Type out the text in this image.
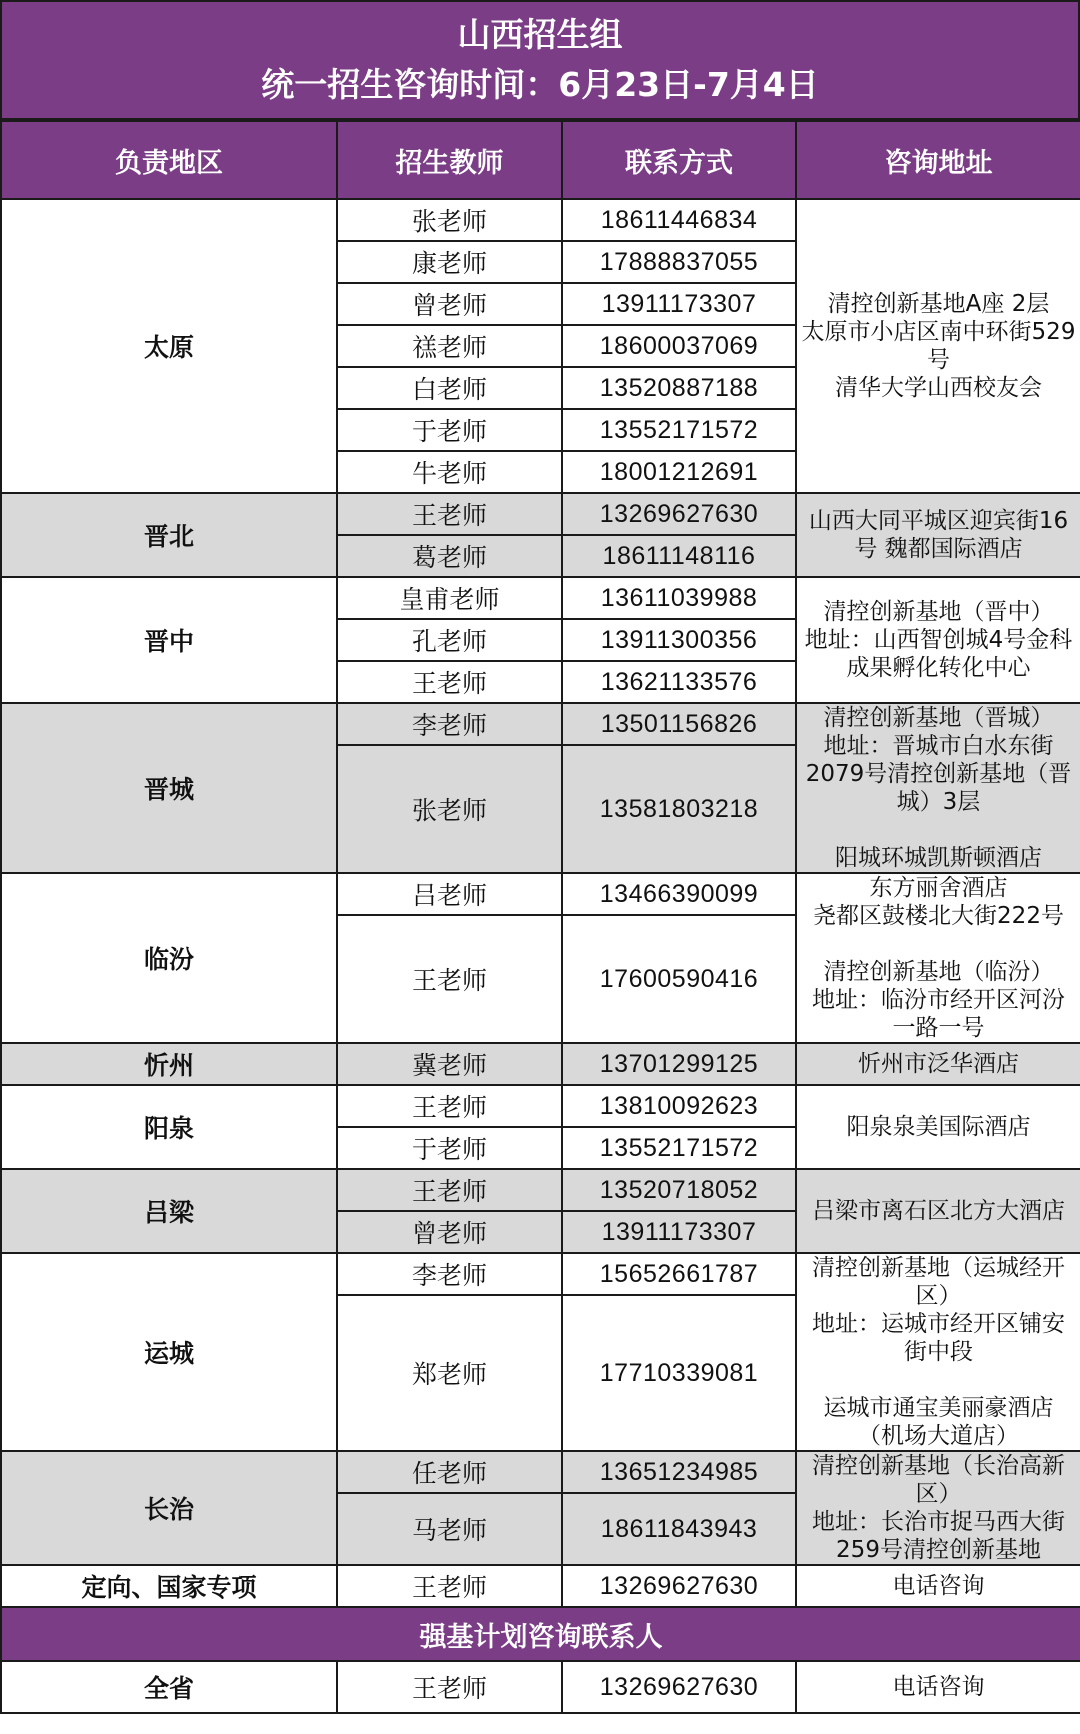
山西招生组
统一招生咨询时间：6月23日-7月4日
负责地区	招生教师	联系方式	咨询地址
太原	张老师	18611446834	清控创新基地A座 2层
太原市小店区南中环街529号
清华大学山西校友会
	康老师	17888837055	
	曾老师	13911173307	
	禚老师	18600037069	
	白老师	13520887188	
	于老师	13552171572	
	牛老师	18001212691	
晋北	王老师	13269627630	山西大同平城区迎宾街16号 魏都国际酒店
	葛老师	18611148116	
晋中	皇甫老师	13611039988	清控创新基地（晋中）
地址：山西智创城4号金科成果孵化转化中心
	孔老师	13911300356	
	王老师	13621133576	
晋城	李老师	13501156826	清控创新基地（晋城）
地址：晋城市白水东街2079号清控创新基地（晋城）3层

阳城环城凯斯顿酒店
	张老师	13581803218	
临汾	吕老师	13466390099	东方丽舍酒店
尧都区鼓楼北大街222号

清控创新基地（临汾）
地址：临汾市经开区河汾一路一号
	王老师	17600590416	
忻州	冀老师	13701299125	忻州市泛华酒店
阳泉	王老师	13810092623	阳泉泉美国际酒店
	于老师	13552171572	
吕梁	王老师	13520718052	吕梁市离石区北方大酒店
	曾老师	13911173307	
运城	李老师	15652661787	清控创新基地（运城经开区）
地址：运城市经开区铺安街中段

运城市通宝美丽豪酒店（机场大道店）
	郑老师	17710339081	
长治	任老师	13651234985	清控创新基地（长治高新区）
地址：长治市捉马西大街259号清控创新基地
	马老师	18611843943	
定向、国家专项	王老师	13269627630	电话咨询
强基计划咨询联系人			
全省	王老师	13269627630	电话咨询
